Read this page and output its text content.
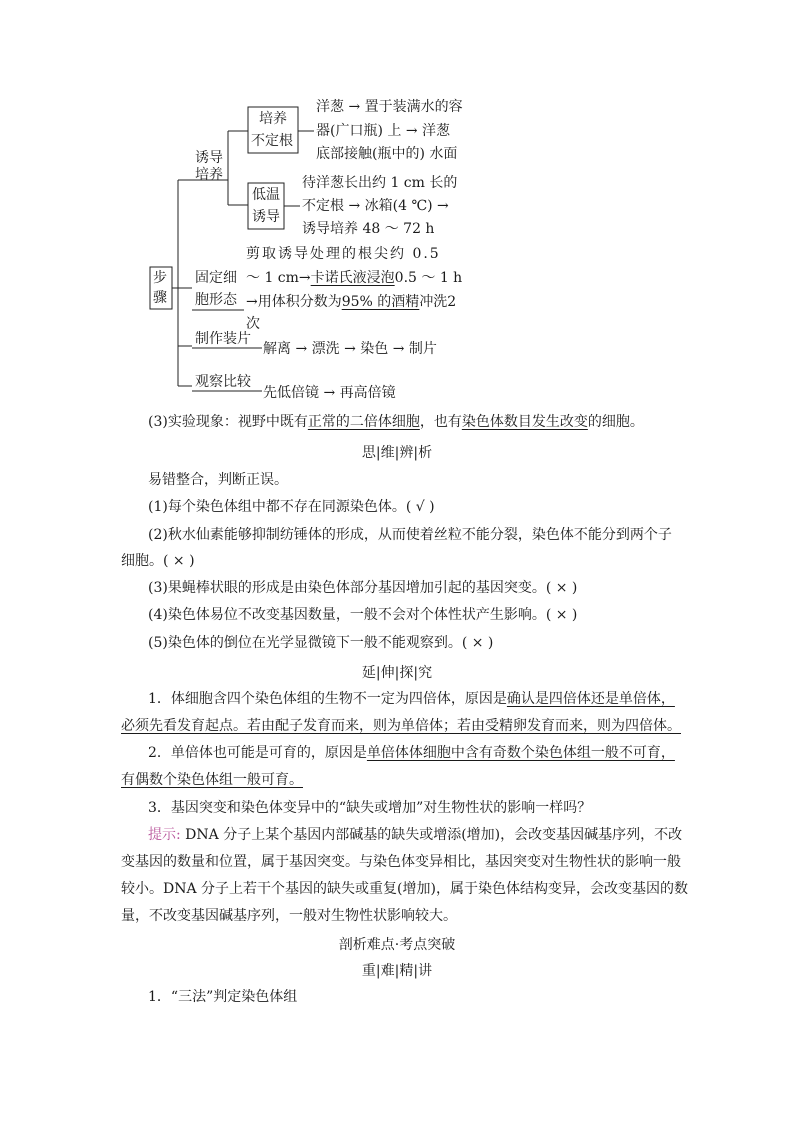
步
骤
诱导
培养
培养
不定根
洋葱 → 置于装满水的容
器(广口瓶) 上 → 洋葱
底部接触(瓶中的) 水面
低温
诱导
待洋葱长出约 1 cm 长的
不定根 → 冰箱(4 ℃) →
诱导培养 48 ～ 72 h
固定细
胞形态
剪取诱导处理的根尖约 0.5
～ 1 cm→卡诺氏液浸泡0.5 ～ 1 h
→用体积分数为95% 的酒精冲洗2
次
制作装片
解离 → 漂洗 → 染色 → 制片
观察比较
先低倍镜 → 再高倍镜
(3)实验现象：视野中既有正常的二倍体细胞，也有染色体数目发生改变的细胞。
思|维|辨|析
易错整合，判断正误。
(1)每个染色体组中都不存在同源染色体。( √ )
(2)秋水仙素能够抑制纺锤体的形成，从而使着丝粒不能分裂，染色体不能分到两个子
细胞。( × )
(3)果蝇棒状眼的形成是由染色体部分基因增加引起的基因突变。( × )
(4)染色体易位不改变基因数量，一般不会对个体性状产生影响。( × )
(5)染色体的倒位在光学显微镜下一般不能观察到。( × )
延|伸|探|究
1．体细胞含四个染色体组的生物不一定为四倍体，原因是确认是四倍体还是单倍体，
必须先看发育起点。若由配子发育而来，则为单倍体；若由受精卵发育而来，则为四倍体。
2．单倍体也可能是可育的，原因是单倍体体细胞中含有奇数个染色体组一般不可育，
有偶数个染色体组一般可育。
3．基因突变和染色体变异中的“缺失或增加”对生物性状的影响一样吗？
提示: DNA 分子上某个基因内部碱基的缺失或增添(增加)，会改变基因碱基序列，不改
变基因的数量和位置，属于基因突变。与染色体变异相比，基因突变对生物性状的影响一般
较小。DNA 分子上若干个基因的缺失或重复(增加)，属于染色体结构变异，会改变基因的数
量，不改变基因碱基序列，一般对生物性状影响较大。
剖析难点·考点突破
重|难|精|讲
1．“三法”判定染色体组
